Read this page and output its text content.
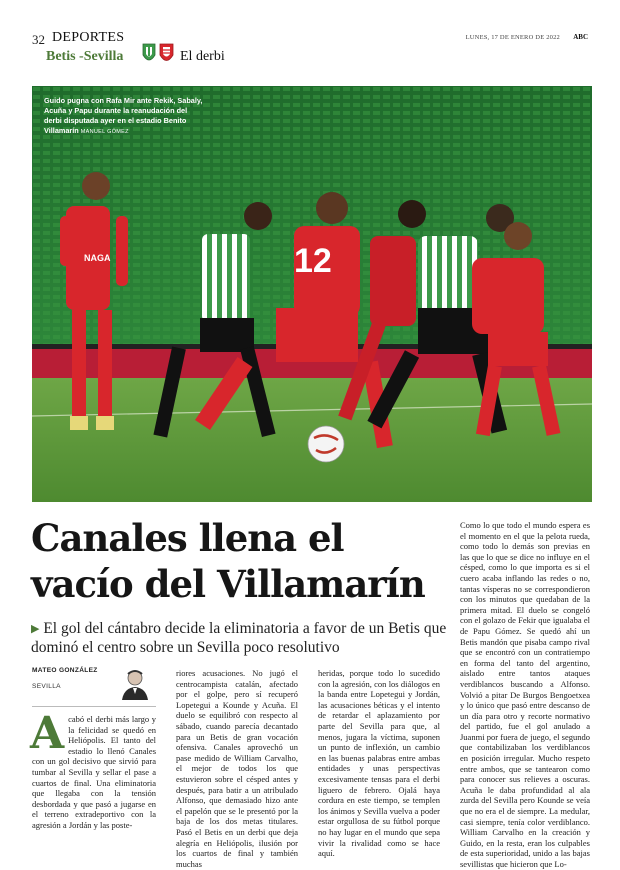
32 DEPORTES	LUNES, 17 DE ENERO DE 2022 ABC
Betis -Sevilla	El derbi
NAGA	12
Guido pugna con Rafa Mir ante Rekik, Sabaly, Acuña y Papu durante la reanudación del derbi disputada ayer en el estadio Benito Villamarín MANUEL GÓMEZ
Canales llena el
vacío del Villamarín
▶ El gol del cántabro decide la eliminatoria a favor de un Betis que dominó el centro sobre un Sevilla poco resolutivo
MATEO GONZÁLEZ
SEVILLA
Acabó el derbi más largo y la felicidad se quedó en Heliópolis. El tanto del estadio lo llenó Canales con un gol decisivo que sirvió para tumbar al Sevilla y sellar el pase a cuartos de final. Una eliminatoria que llegaba con la tensión desbordada y que pasó a jugarse en el terreno extradeportivo con la agresión a Jordán y las poste-
riores acusaciones. No jugó el centrocampista catalán, afectado por el golpe, pero sí recuperó Lopetegui a Kounde y Acuña. El duelo se equilibró con respecto al sábado, cuando parecía decantado para un Betis de gran vocación ofensiva. Canales aprovechó un pase medido de William Carvalho, el mejor de todos los que estuvieron sobre el césped antes y después, para batir a un atribulado Alfonso, que demasiado hizo ante el papelón que se le presentó por la baja de los dos metas titulares. Pasó el Betis en un derbi que deja alegría en Heliópolis, ilusión por los cuartos de final y también muchas
heridas, porque todo lo sucedido con la agresión, con los diálogos en la banda entre Lopetegui y Jordán, las acusaciones béticas y el intento de retardar el aplazamiento por parte del Sevilla para que, al menos, jugara la víctima, suponen un punto de inflexión, un cambio en las buenas palabras entre ambas entidades y unas perspectivas excesivamente tensas para el derbi liguero de febrero. Ojalá haya cordura en este tiempo, se templen los ánimos y Sevilla vuelva a poder estar orgullosa de su fútbol porque no hay lugar en el mundo que sepa vivir la rivalidad como se hace aquí.
Como lo que todo el mundo espera es el momento en el que la pelota rueda, como todo lo demás son previas en las que lo que se dice no influye en el césped, como lo que importa es si el cuero acaba inflando las redes o no, tantas vísperas no se correspondieron con los minutos que quedaban de la primera mitad. El duelo se congeló con el golazo de Fekir que igualaba el de Papu Gómez. Se quedó ahí un Betis mandón que pisaba campo rival que se encontró con un contratiempo en forma del tanto del argentino, aislado entre tantos ataques verdiblancos buscando a Alfonso. Volvió a pitar De Burgos Bengoetxea y lo único que pasó entre descanso de un día para otro y recorte normativo del partido, fue el gol anulado a Juanmi por fuera de juego, el segundo que contabilizaban los verdiblancos en posición irregular. Mucho respeto entre ambos, que se tantearon como para conocer sus relieves a oscuras. Acuña le daba profundidad al ala zurda del Sevilla pero Kounde se veía que no era el de siempre. La medular, casi siempre, tenía color verdiblanco. William Carvalho en la creación y Guido, en la resta, eran los culpables de esta superioridad, unido a las bajas sevillistas que hicieron que Lo-
